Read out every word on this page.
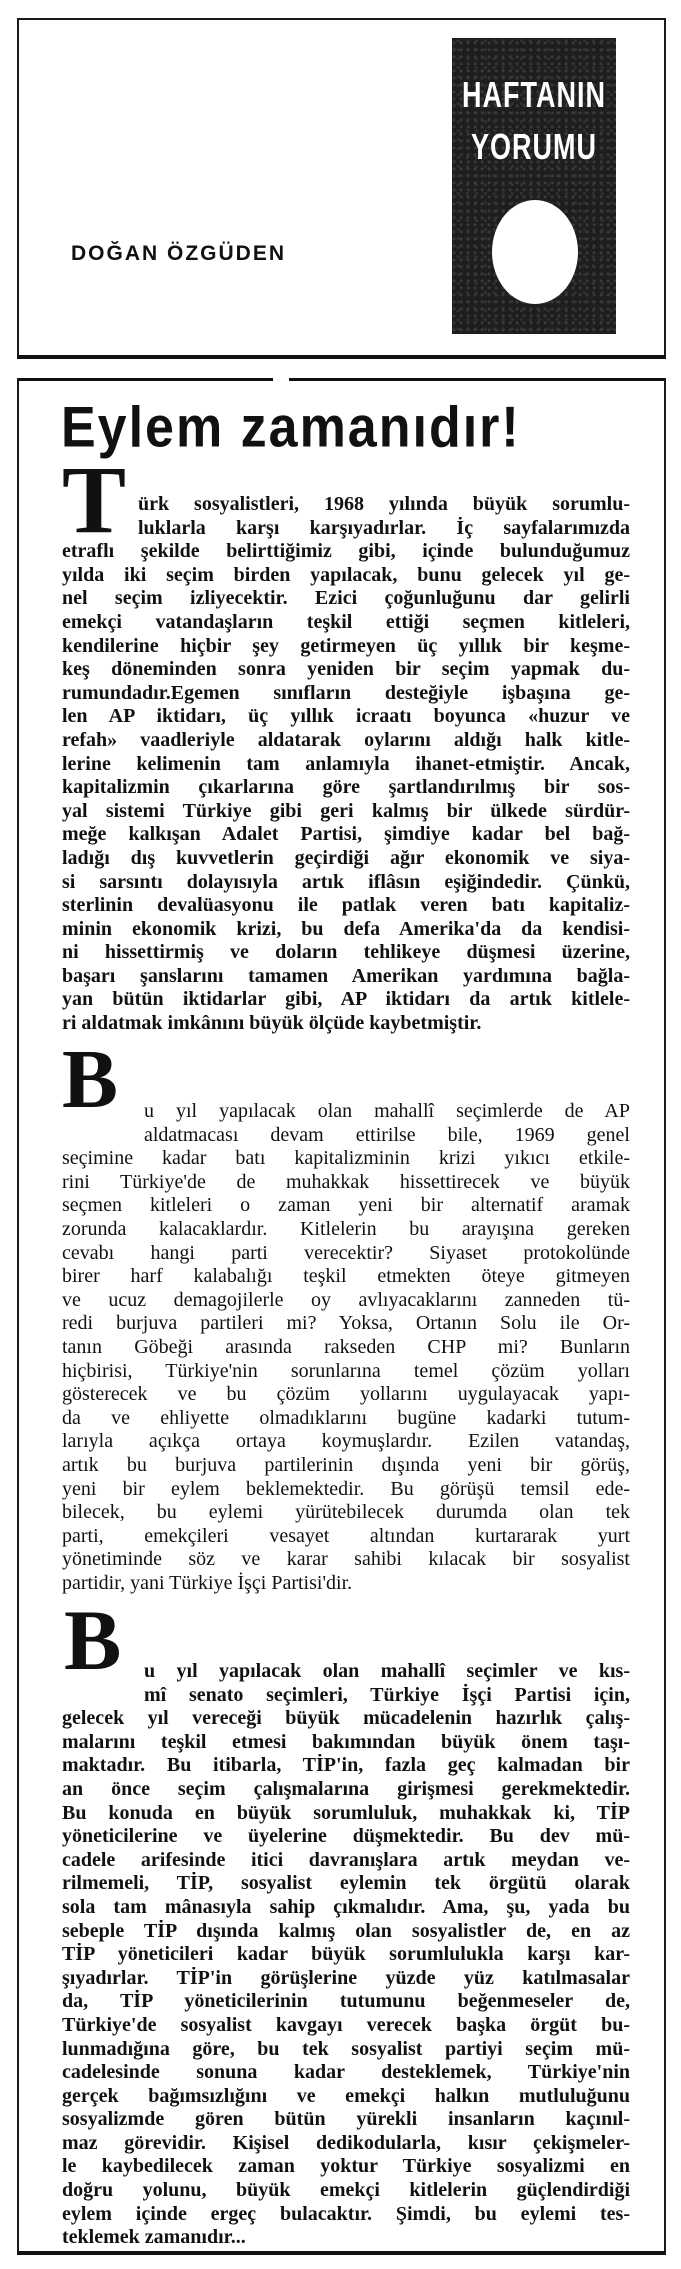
DOĞAN ÖZGÜDEN
HAFTANIN
YORUMU
Eylem zamanıdır!
T ürk sosyalistleri, 1968 yılında büyük sorumlu-
luklarla karşı karşıyadırlar. İç sayfalarımızda
etraflı şekilde belirttiğimiz gibi, içinde bulunduğumuz
yılda iki seçim birden yapılacak, bunu gelecek yıl ge-
nel seçim izliyecektir. Ezici çoğunluğunu dar gelirli
emekçi vatandaşların teşkil ettiği seçmen kitleleri,
kendilerine hiçbir şey getirmeyen üç yıllık bir keşme-
keş döneminden sonra yeniden bir seçim yapmak du-
rumundadır.Egemen sınıfların desteğiyle işbaşına ge-
len AP iktidarı, üç yıllık icraatı boyunca «huzur ve
refah» vaadleriyle aldatarak oylarını aldığı halk kitle-
lerine kelimenin tam anlamıyla ihanet-etmiştir. Ancak,
kapitalizmin çıkarlarına göre şartlandırılmış bir sos-
yal sistemi Türkiye gibi geri kalmış bir ülkede sürdür-
meğe kalkışan Adalet Partisi, şimdiye kadar bel bağ-
ladığı dış kuvvetlerin geçirdiği ağır ekonomik ve siya-
si sarsıntı dolayısıyla artık iflâsın eşiğindedir. Çünkü,
sterlinin devalüasyonu ile patlak veren batı kapitaliz-
minin ekonomik krizi, bu defa Amerika'da da kendisi-
ni hissettirmiş ve doların tehlikeye düşmesi üzerine,
başarı şanslarını tamamen Amerikan yardımına bağla-
yan bütün iktidarlar gibi, AP iktidarı da artık kitlele-
ri aldatmak imkânını büyük ölçüde kaybetmiştir.
B u yıl yapılacak olan mahallî seçimlerde de AP
aldatmacası devam ettirilse bile, 1969 genel
seçimine kadar batı kapitalizminin krizi yıkıcı etkile-
rini Türkiye'de de muhakkak hissettirecek ve büyük
seçmen kitleleri o zaman yeni bir alternatif aramak
zorunda kalacaklardır. Kitlelerin bu arayışına gereken
cevabı hangi parti verecektir? Siyaset protokolünde
birer harf kalabalığı teşkil etmekten öteye gitmeyen
ve ucuz demagojilerle oy avlıyacaklarını zanneden tü-
redi burjuva partileri mi? Yoksa, Ortanın Solu ile Or-
tanın Göbeği arasında rakseden CHP mi? Bunların
hiçbirisi, Türkiye'nin sorunlarına temel çözüm yolları
gösterecek ve bu çözüm yollarını uygulayacak yapı-
da ve ehliyette olmadıklarını bugüne kadarki tutum-
larıyla açıkça ortaya koymuşlardır. Ezilen vatandaş,
artık bu burjuva partilerinin dışında yeni bir görüş,
yeni bir eylem beklemektedir. Bu görüşü temsil ede-
bilecek, bu eylemi yürütebilecek durumda olan tek
parti, emekçileri vesayet altından kurtararak yurt
yönetiminde söz ve karar sahibi kılacak bir sosyalist
partidir, yani Türkiye İşçi Partisi'dir.
B u yıl yapılacak olan mahallî seçimler ve kıs-
mî senato seçimleri, Türkiye İşçi Partisi için,
gelecek yıl vereceği büyük mücadelenin hazırlık çalış-
malarını teşkil etmesi bakımından büyük önem taşı-
maktadır. Bu itibarla, TİP'in, fazla geç kalmadan bir
an önce seçim çalışmalarına girişmesi gerekmektedir.
Bu konuda en büyük sorumluluk, muhakkak ki, TİP
yöneticilerine ve üyelerine düşmektedir. Bu dev mü-
cadele arifesinde itici davranışlara artık meydan ve-
rilmemeli, TİP, sosyalist eylemin tek örgütü olarak
sola tam mânasıyla sahip çıkmalıdır. Ama, şu, yada bu
sebeple TİP dışında kalmış olan sosyalistler de, en az
TİP yöneticileri kadar büyük sorumlulukla karşı kar-
şıyadırlar. TİP'in görüşlerine yüzde yüz katılmasalar
da, TİP yöneticilerinin tutumunu beğenmeseler de,
Türkiye'de sosyalist kavgayı verecek başka örgüt bu-
lunmadığına göre, bu tek sosyalist partiyi seçim mü-
cadelesinde sonuna kadar desteklemek, Türkiye'nin
gerçek bağımsızlığını ve emekçi halkın mutluluğunu
sosyalizmde gören bütün yürekli insanların kaçınıl-
maz görevidir. Kişisel dedikodularla, kısır çekişmeler-
le kaybedilecek zaman yoktur Türkiye sosyalizmi en
doğru yolunu, büyük emekçi kitlelerin güçlendirdiği
eylem içinde ergeç bulacaktır. Şimdi, bu eylemi tes-
teklemek zamanıdır...
